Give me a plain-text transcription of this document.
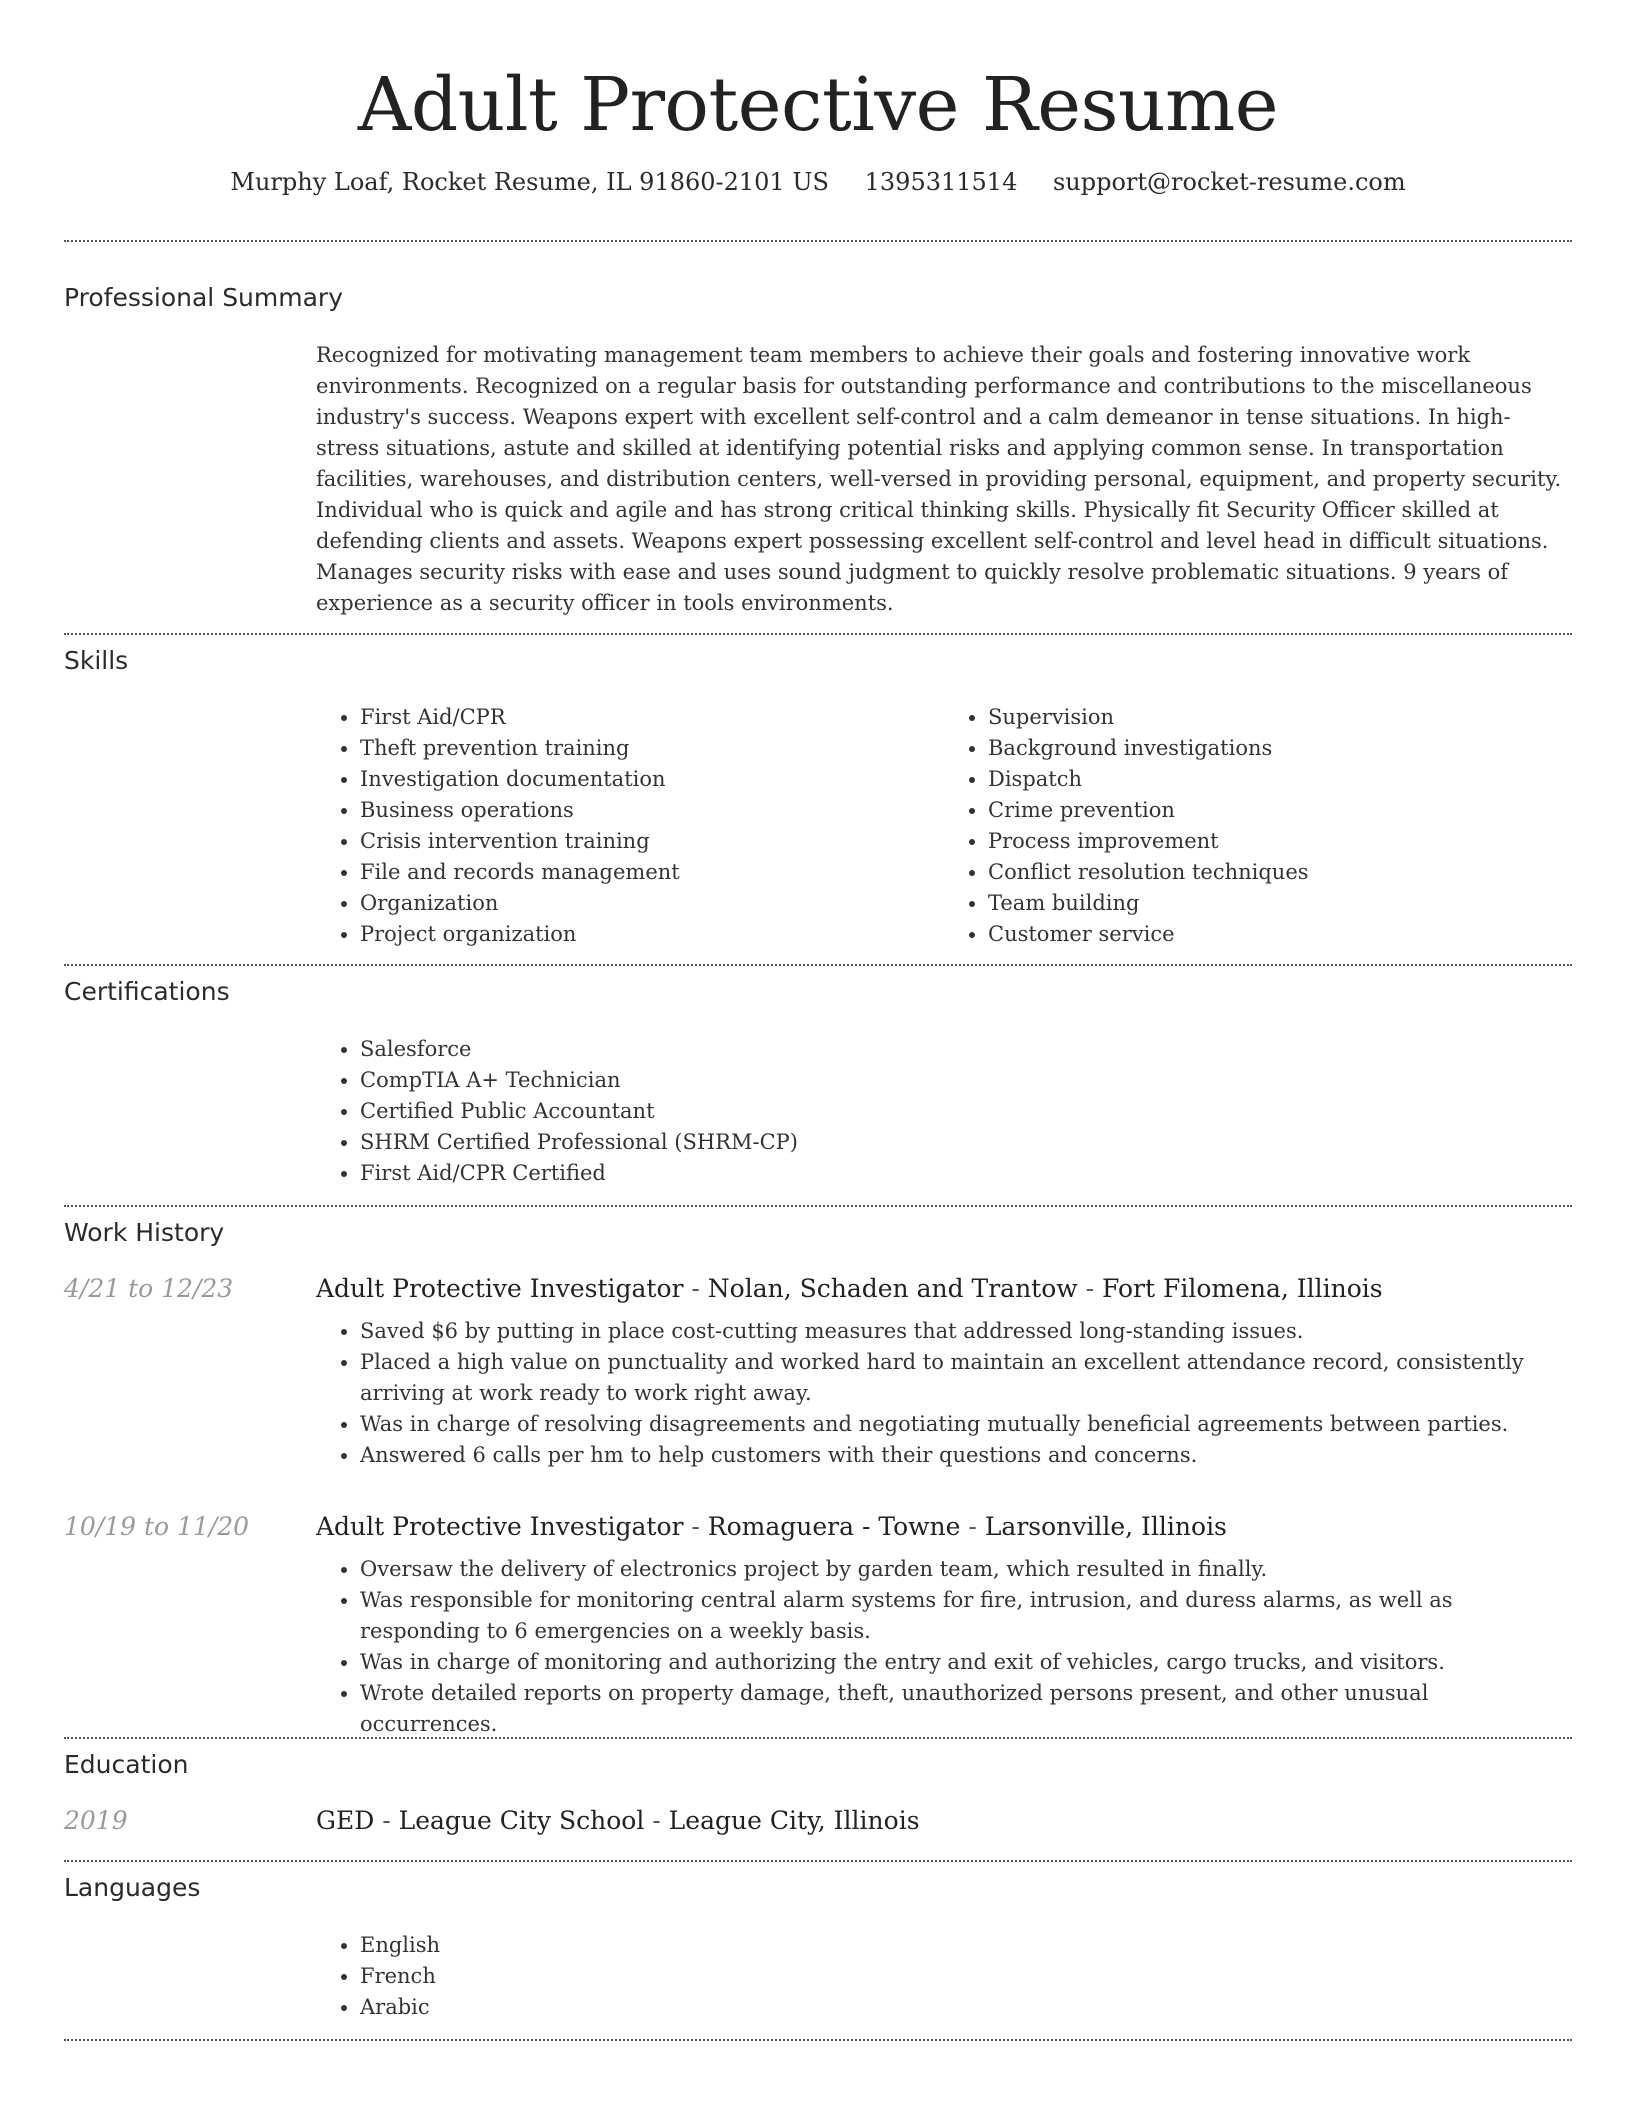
Adult Protective Resume
Murphy Loaf, Rocket Resume, IL 91860-2101 US 1395311514 support@rocket-resume.com
Professional Summary
Recognized for motivating management team members to achieve their goals and fostering innovative work environments. Recognized on a regular basis for outstanding performance and contributions to the miscellaneous industry's success. Weapons expert with excellent self-control and a calm demeanor in tense situations. In high-stress situations, astute and skilled at identifying potential risks and applying common sense. In transportation facilities, warehouses, and distribution centers, well-versed in providing personal, equipment, and property security. Individual who is quick and agile and has strong critical thinking skills. Physically fit Security Officer skilled at defending clients and assets. Weapons expert possessing excellent self-control and level head in difficult situations. Manages security risks with ease and uses sound judgment to quickly resolve problematic situations. 9 years of experience as a security officer in tools environments.
Skills
• First Aid/CPR
• Theft prevention training
• Investigation documentation
• Business operations
• Crisis intervention training
• File and records management
• Organization
• Project organization
• Supervision
• Background investigations
• Dispatch
• Crime prevention
• Process improvement
• Conflict resolution techniques
• Team building
• Customer service
Certifications
• Salesforce
• CompTIA A+ Technician
• Certified Public Accountant
• SHRM Certified Professional (SHRM-CP)
• First Aid/CPR Certified
Work History
4/21 to 12/23	Adult Protective Investigator - Nolan, Schaden and Trantow - Fort Filomena, Illinois
• Saved $6 by putting in place cost-cutting measures that addressed long-standing issues.
• Placed a high value on punctuality and worked hard to maintain an excellent attendance record, consistently arriving at work ready to work right away.
• Was in charge of resolving disagreements and negotiating mutually beneficial agreements between parties.
• Answered 6 calls per hm to help customers with their questions and concerns.
10/19 to 11/20	Adult Protective Investigator - Romaguera - Towne - Larsonville, Illinois
• Oversaw the delivery of electronics project by garden team, which resulted in finally.
• Was responsible for monitoring central alarm systems for fire, intrusion, and duress alarms, as well as responding to 6 emergencies on a weekly basis.
• Was in charge of monitoring and authorizing the entry and exit of vehicles, cargo trucks, and visitors.
• Wrote detailed reports on property damage, theft, unauthorized persons present, and other unusual occurrences.
Education
2019	GED - League City School - League City, Illinois
Languages
• English
• French
• Arabic
